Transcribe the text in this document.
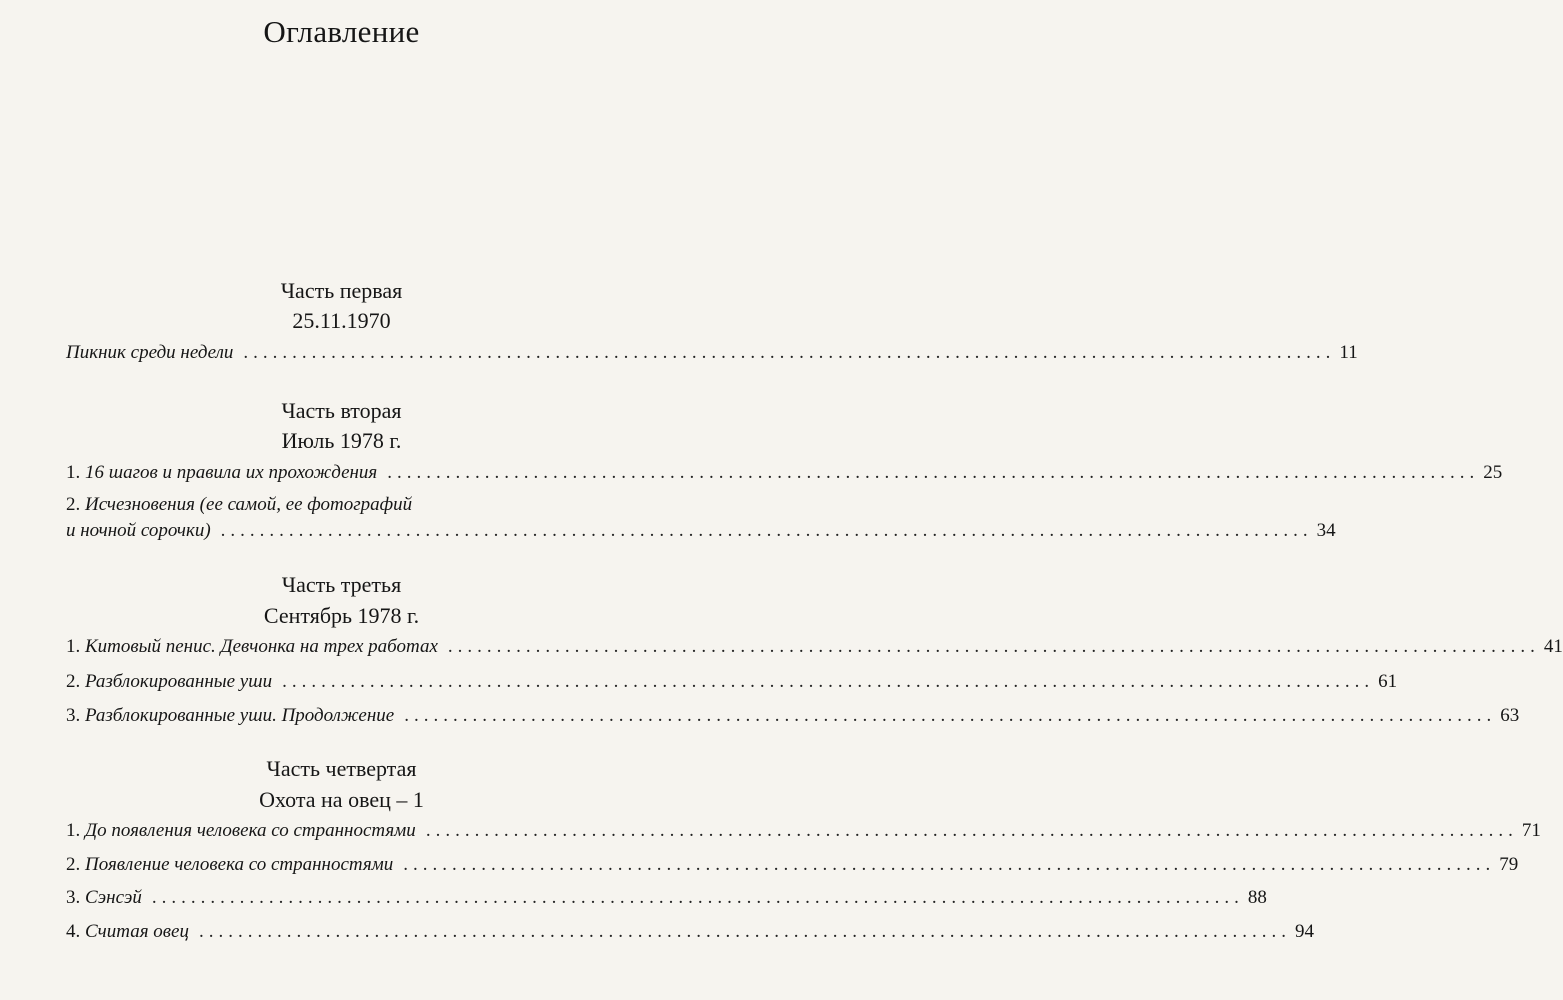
Оглавление
Часть первая
25.11.1970
Пикник среди недели ................................................................................................................ 11
Часть вторая
Июль 1978 г.
1. 16 шагов и правила их прохождения ................................................................................................................ 25
2. Исчезновения (ее самой, ее фотографий
и ночной сорочки) ................................................................................................................ 34
Часть третья
Сентябрь 1978 г.
1. Китовый пенис. Девчонка на трех работах ................................................................................................................ 41
2. Разблокированные уши ................................................................................................................ 61
3. Разблокированные уши. Продолжение ................................................................................................................ 63
Часть четвертая
Охота на овец – 1
1. До появления человека со странностями ................................................................................................................ 71
2. Появление человека со странностями ................................................................................................................ 79
3. Сэнсэй ................................................................................................................ 88
4. Считая овец ................................................................................................................ 94
